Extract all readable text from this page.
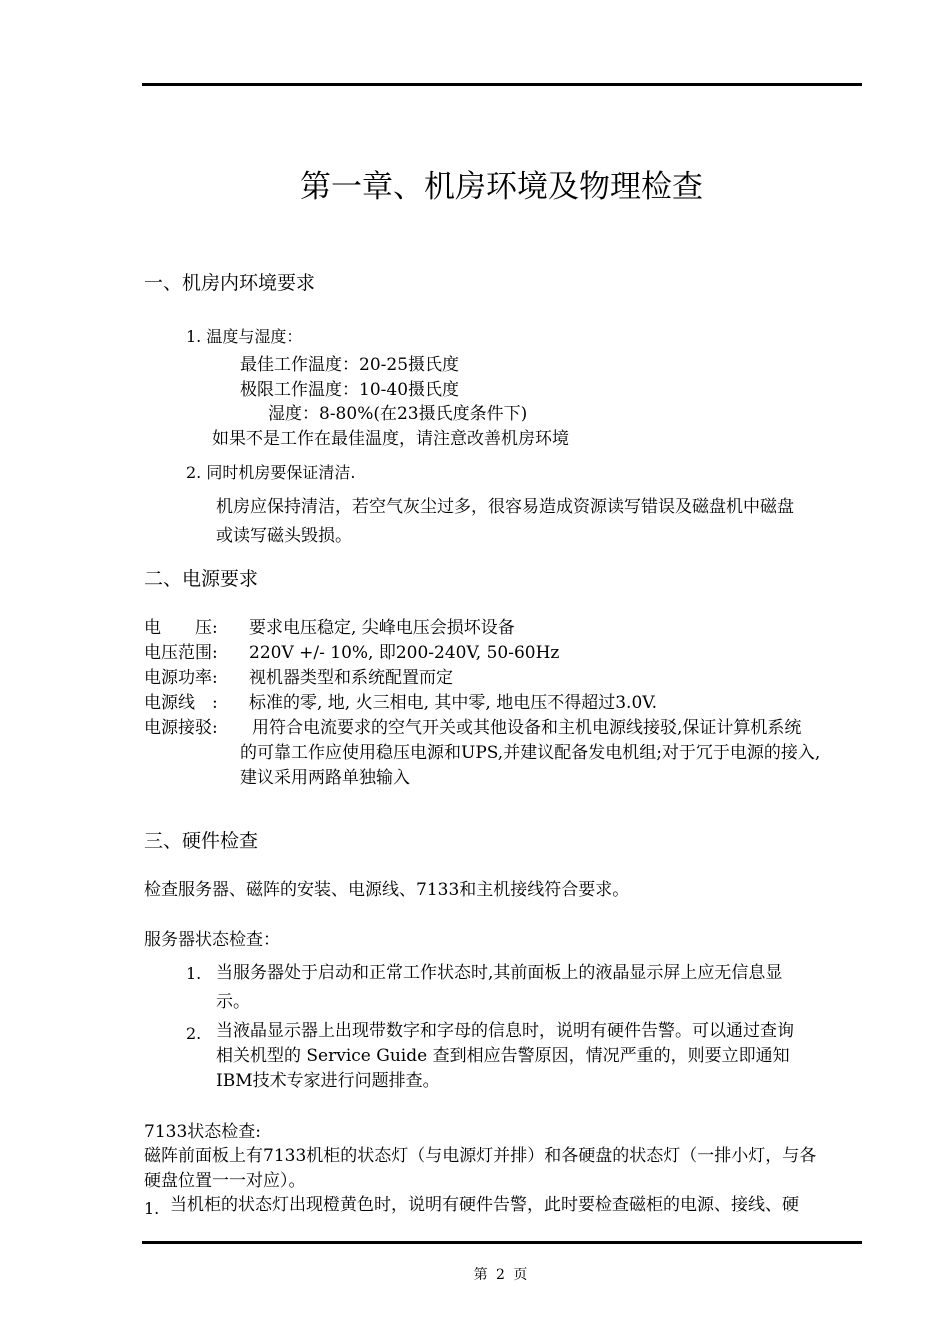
第一章、机房环境及物理检查
一、机房内环境要求
1. 温度与湿度：
最佳工作温度：20-25摄氏度
极限工作温度：10-40摄氏度
湿度：8-80%(在23摄氏度条件下)
如果不是工作在最佳温度，请注意改善机房环境
2. 同时机房要保证清洁.
机房应保持清洁，若空气灰尘过多，很容易造成资源读写错误及磁盘机中磁盘
或读写磁头毁损。
二、电源要求
电　　压:	要求电压稳定, 尖峰电压会损坏设备
电压范围:	220V +/- 10%, 即200-240V, 50-60Hz
电源功率:	视机器类型和系统配置而定
电源线　:	标准的零, 地, 火三相电, 其中零, 地电压不得超过3.0V.
电源接驳:	用符合电流要求的空气开关或其他设备和主机电源线接驳,保证计算机系统
的可靠工作应使用稳压电源和UPS,并建议配备发电机组;对于冗于电源的接入,
建议采用两路单独输入
三、硬件检查
检查服务器、磁阵的安装、电源线、7133和主机接线符合要求。
服务器状态检查：
1. 当服务器处于启动和正常工作状态时,其前面板上的液晶显示屏上应无信息显
示。
2. 当液晶显示器上出现带数字和字母的信息时，说明有硬件告警。可以通过查询
相关机型的 Service Guide 查到相应告警原因，情况严重的，则要立即通知
IBM技术专家进行问题排查。
7133状态检查:
磁阵前面板上有7133机柜的状态灯（与电源灯并排）和各硬盘的状态灯（一排小灯，与各
硬盘位置一一对应）。
1. 当机柜的状态灯出现橙黄色时，说明有硬件告警，此时要检查磁柜的电源、接线、硬
第 2 页
